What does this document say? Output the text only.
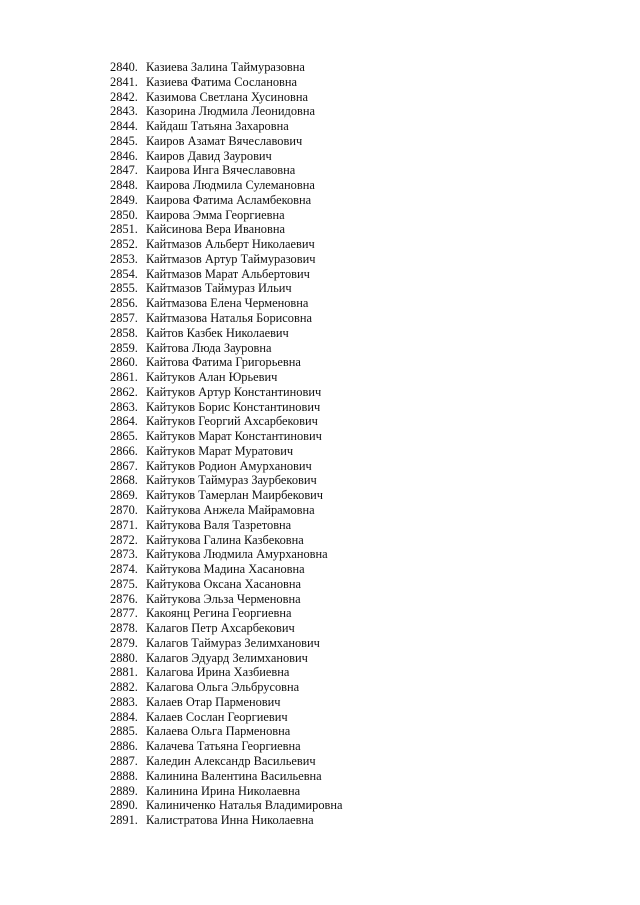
2840. Казиева Залина Таймуразовна
2841. Казиева Фатима Сослановна
2842. Казимова Светлана Хусиновна
2843. Казорина Людмила Леонидовна
2844. Кайдаш Татьяна Захаровна
2845. Каиров Азамат Вячеславович
2846. Каиров Давид Заурович
2847. Каирова Инга Вячеславовна
2848. Каирова Людмила Сулемановна
2849. Каирова Фатима Асламбековна
2850. Каирова Эмма Георгиевна
2851. Кайсинова Вера Ивановна
2852. Кайтмазов Альберт Николаевич
2853. Кайтмазов Артур Таймуразович
2854. Кайтмазов Марат Альбертович
2855. Кайтмазов Таймураз Ильич
2856. Кайтмазова Елена Черменовна
2857. Кайтмазова Наталья Борисовна
2858. Кайтов Казбек Николаевич
2859. Кайтова Люда Зауровна
2860. Кайтова Фатима Григорьевна
2861. Кайтуков Алан Юрьевич
2862. Кайтуков Артур Константинович
2863. Кайтуков Борис Константинович
2864. Кайтуков Георгий Ахсарбекович
2865. Кайтуков Марат Константинович
2866. Кайтуков Марат Муратович
2867. Кайтуков Родион Амурханович
2868. Кайтуков Таймураз Заурбекович
2869. Кайтуков Тамерлан Маирбекович
2870. Кайтукова Анжела Майрамовна
2871. Кайтукова Валя Тазретовна
2872. Кайтукова Галина Казбековна
2873. Кайтукова Людмила Амурхановна
2874. Кайтукова Мадина Хасановна
2875. Кайтукова Оксана Хасановна
2876. Кайтукова Эльза Черменовна
2877. Какоянц Регина Георгиевна
2878. Калагов Петр Ахсарбекович
2879. Калагов Таймураз Зелимханович
2880. Калагов Эдуард Зелимханович
2881. Калагова Ирина Хазбиевна
2882. Калагова Ольга Эльбрусовна
2883. Калаев Отар Парменович
2884. Калаев Сослан Георгиевич
2885. Калаева Ольга Парменовна
2886. Калачева Татьяна Георгиевна
2887. Каледин Александр Васильевич
2888. Калинина Валентина Васильевна
2889. Калинина Ирина Николаевна
2890. Калиниченко Наталья Владимировна
2891. Калистратова Инна Николаевна
